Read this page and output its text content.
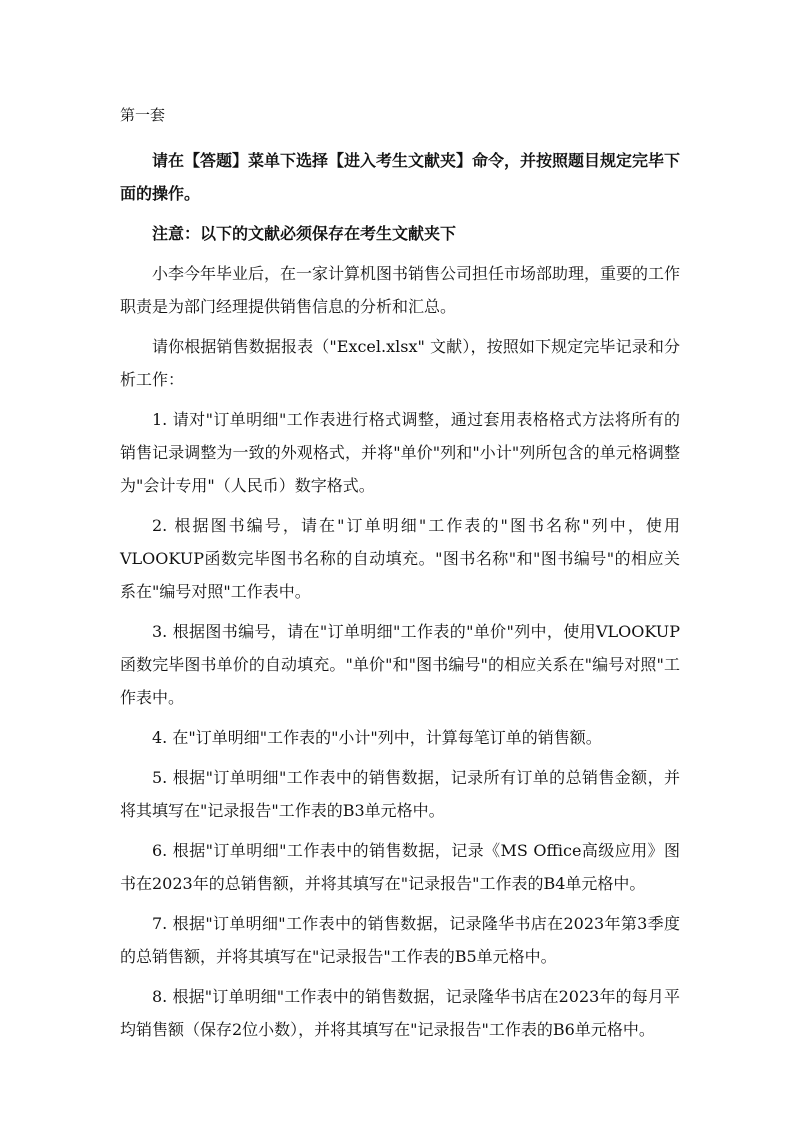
第一套

请在【答题】菜单下选择【进入考生文献夹】命令，并按照题目规定完毕下面的操作。

注意：以下的文献必须保存在考生文献夹下

小李今年毕业后，在一家计算机图书销售公司担任市场部助理，重要的工作职责是为部门经理提供销售信息的分析和汇总。

请你根据销售数据报表（"Excel.xlsx" 文献），按照如下规定完毕记录和分析工作：

1. 请对"订单明细"工作表进行格式调整，通过套用表格格式方法将所有的销售记录调整为一致的外观格式，并将"单价"列和"小计"列所包含的单元格调整为"会计专用"（人民币）数字格式。

2. 根据图书编号，请在"订单明细"工作表的"图书名称"列中，使用VLOOKUP函数完毕图书名称的自动填充。"图书名称"和"图书编号"的相应关系在"编号对照"工作表中。

3. 根据图书编号，请在"订单明细"工作表的"单价"列中，使用VLOOKUP函数完毕图书单价的自动填充。"单价"和"图书编号"的相应关系在"编号对照"工作表中。

4. 在"订单明细"工作表的"小计"列中，计算每笔订单的销售额。

5. 根据"订单明细"工作表中的销售数据，记录所有订单的总销售金额，并将其填写在"记录报告"工作表的B3单元格中。

6. 根据"订单明细"工作表中的销售数据，记录《MS Office高级应用》图书在2023年的总销售额，并将其填写在"记录报告"工作表的B4单元格中。

7. 根据"订单明细"工作表中的销售数据，记录隆华书店在2023年第3季度的总销售额，并将其填写在"记录报告"工作表的B5单元格中。

8. 根据"订单明细"工作表中的销售数据，记录隆华书店在2023年的每月平均销售额（保存2位小数），并将其填写在"记录报告"工作表的B6单元格中。
